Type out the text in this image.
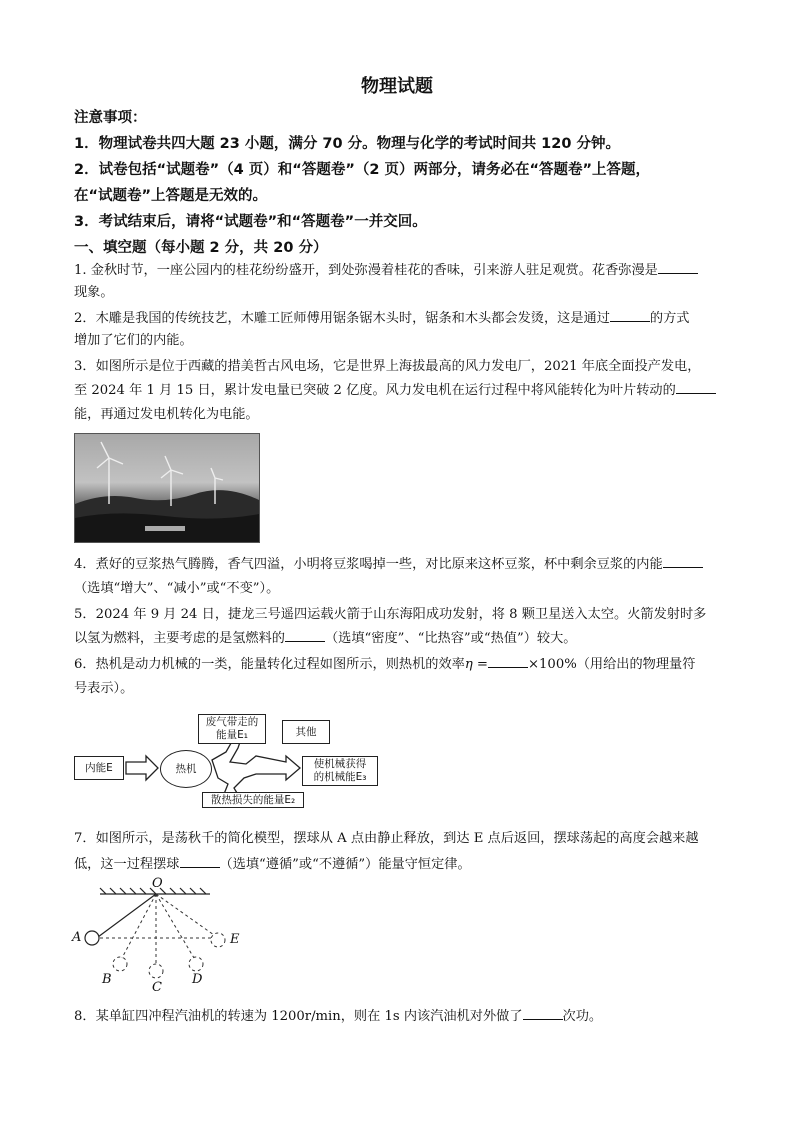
物理试题
注意事项：
1．物理试卷共四大题 23 小题，满分 70 分。物理与化学的考试时间共 120 分钟。
2．试卷包括“试题卷”（4 页）和“答题卷”（2 页）两部分，请务必在“答题卷”上答题，
在“试题卷”上答题是无效的。
3．考试结束后，请将“试题卷”和“答题卷”一并交回。
一、填空题（每小题 2 分，共 20 分）
1. 金秋时节，一座公园内的桂花纷纷盛开，到处弥漫着桂花的香味，引来游人驻足观赏。花香弥漫是
现象。
2．木雕是我国的传统技艺，木雕工匠师傅用锯条锯木头时，锯条和木头都会发烫，这是通过	的方式
增加了它们的内能。
3．如图所示是位于西藏的措美哲古风电场，它是世界上海拔最高的风力发电厂，2021 年底全面投产发电，
至 2024 年 1 月 15 日，累计发电量已突破 2 亿度。风力发电机在运行过程中将风能转化为叶片转动的
能，再通过发电机转化为电能。
4．煮好的豆浆热气腾腾，香气四溢，小明将豆浆喝掉一些，对比原来这杯豆浆，杯中剩余豆浆的内能
（选填“增大”、“减小”或“不变”）。
5．2024 年 9 月 24 日，捷龙三号遥四运载火箭于山东海阳成功发射，将 8 颗卫星送入太空。火箭发射时多
以氢为燃料，主要考虑的是氢燃料的	（选填“密度”、“比热容”或“热值”）较大。
6．热机是动力机械的一类，能量转化过程如图所示，则热机的效率η =	×100%（用给出的物理量符
号表示）。
内能E	热机
废气带走的
能量E₁	其他
使机械获得
的机械能E₃
散热损失的能量E₂
7．如图所示，是荡秋千的简化模型，摆球从 A 点由静止释放，到达 E 点后返回，摆球荡起的高度会越来越
低，这一过程摆球	（选填“遵循”或“不遵循”）能量守恒定律。
O
A
B
C
D
E
8．某单缸四冲程汽油机的转速为 1200r/min，则在 1s 内该汽油机对外做了	次功。
